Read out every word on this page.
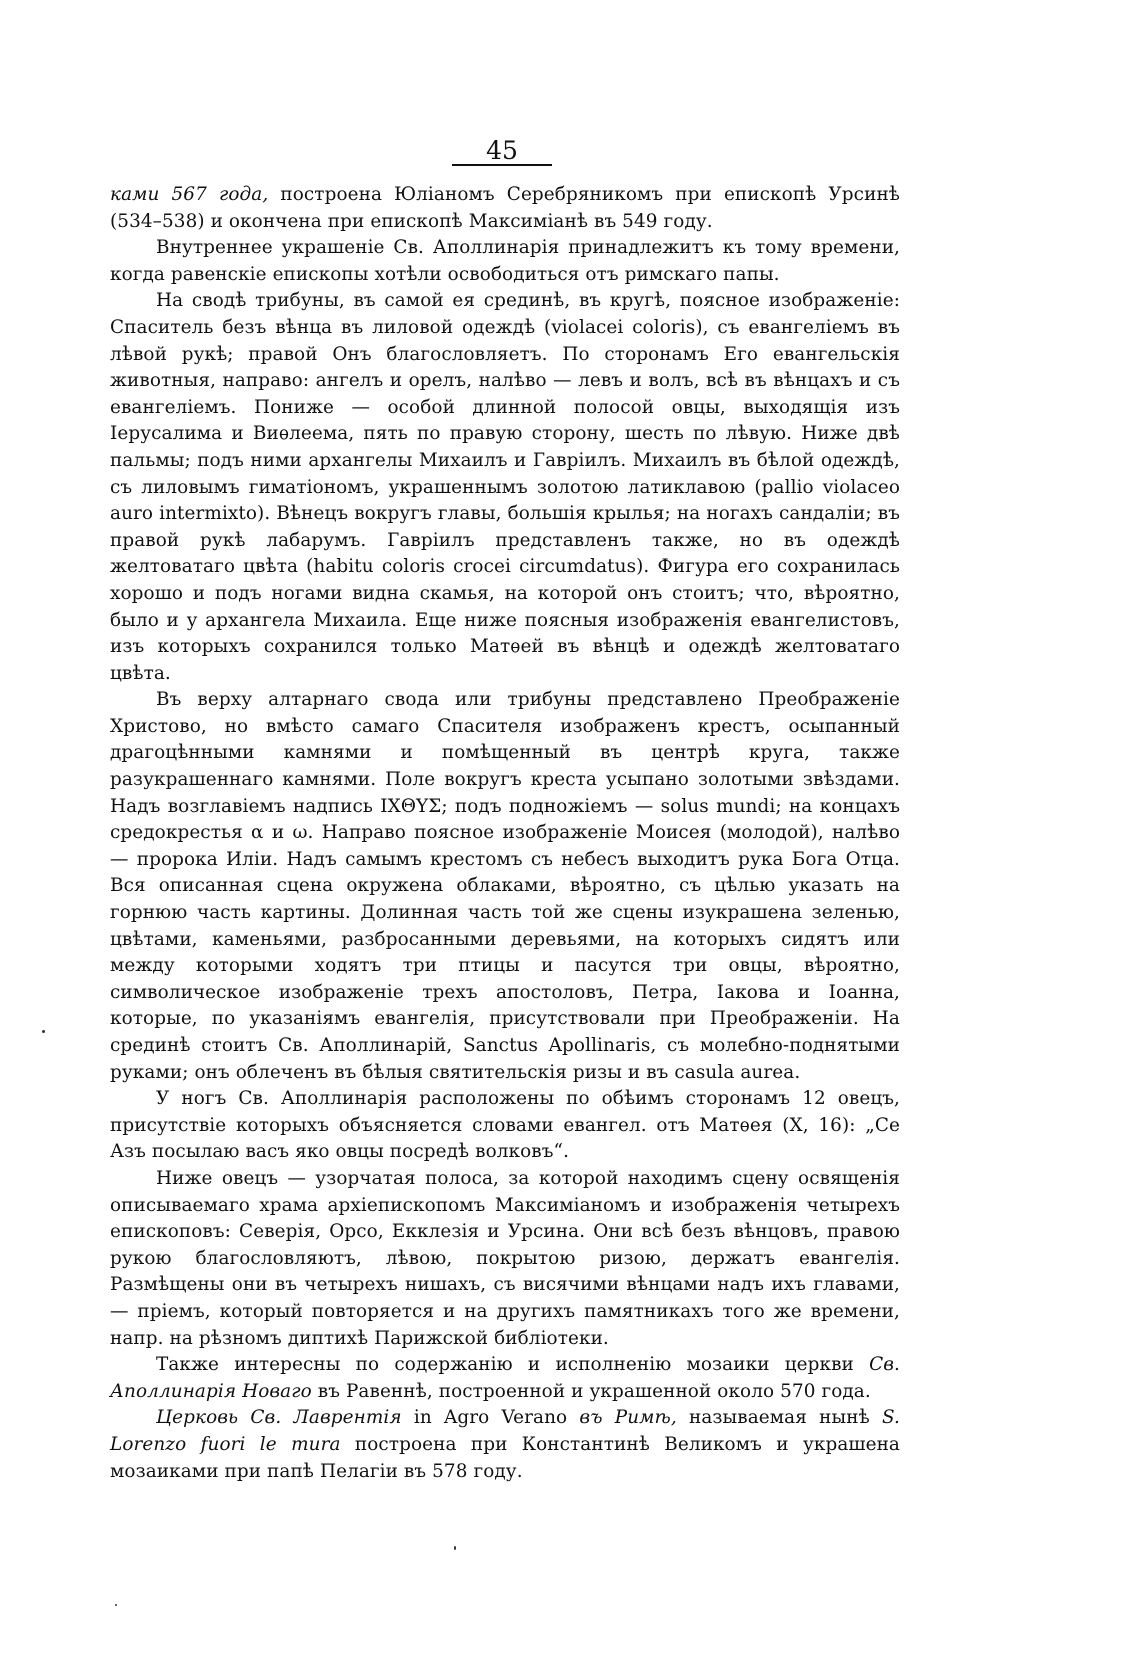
45

ками 567 года, построена Юліаномъ Серебряникомъ при епископѣ Урсинѣ (534–538) и окончена при епископѣ Максиміанѣ въ 549 году.

Внутреннее украшеніе Св. Аполлинарія принадлежитъ къ тому времени, когда равенскіе епископы хотѣли освободиться отъ римскаго папы.

На сводѣ трибуны, въ самой ея срединѣ, въ кругѣ, поясное изображеніе: Спаситель безъ вѣнца въ лиловой одеждѣ (violacei coloris), съ евангеліемъ въ лѣвой рукѣ; правой Онъ благословляетъ. По сторонамъ Его евангельскія животныя, направо: ангелъ и орелъ, налѣво — левъ и волъ, всѣ въ вѣнцахъ и съ евангеліемъ. Пониже — особой длинной полосой овцы, выходящія изъ Іерусалима и Виѳлеема, пять по правую сторону, шесть по лѣвую. Ниже двѣ пальмы; подъ ними архангелы Михаилъ и Гавріилъ. Михаилъ въ бѣлой одеждѣ, съ лиловымъ гиматіономъ, украшеннымъ золотою латиклавою (pallio violaceo auro intermixto). Вѣнецъ вокругъ главы, большія крылья; на ногахъ сандаліи; въ правой рукѣ лабарумъ. Гавріилъ представленъ также, но въ одеждѣ желтоватаго цвѣта (habitu coloris crocei circumdatus). Фигура его сохранилась хорошо и подъ ногами видна скамья, на которой онъ стоитъ; что, вѣроятно, было и у архангела Михаила. Еще ниже поясныя изображенія евангелистовъ, изъ которыхъ сохранился только Матѳей въ вѣнцѣ и одеждѣ желтоватаго цвѣта.

Въ верху алтарнаго свода или трибуны представлено Преображеніе Христово, но вмѣсто самаго Спасителя изображенъ крестъ, осыпанный драгоцѣнными камнями и помѣщенный въ центрѣ круга, также разукрашеннаго камнями. Поле вокругъ креста усыпано золотыми звѣздами. Надъ возглавіемъ надпись ΙΧΘΥΣ; подъ подножіемъ — solus mundi; на концахъ средокрестья α и ω. Направо поясное изображеніе Моисея (молодой), налѣво — пророка Иліи. Надъ самымъ крестомъ съ небесъ выходитъ рука Бога Отца. Вся описанная сцена окружена облаками, вѣроятно, съ цѣлью указать на горнюю часть картины. Долинная часть той же сцены изукрашена зеленью, цвѣтами, каменьями, разбросанными деревьями, на которыхъ сидятъ или между которыми ходятъ три птицы и пасутся три овцы, вѣроятно, символическое изображеніе трехъ апостоловъ, Петра, Іакова и Іоанна, которые, по указаніямъ евангелія, присутствовали при Преображеніи. На срединѣ стоитъ Св. Аполлинарій, Sanctus Apollinaris, съ молебно-поднятыми руками; онъ облеченъ въ бѣлыя святительскія ризы и въ casula aurea.

У ногъ Св. Аполлинарія расположены по обѣимъ сторонамъ 12 овецъ, присутствіе которыхъ объясняется словами евангел. отъ Матѳея (X, 16): „Се Азъ посылаю васъ яко овцы посредѣ волковъ“.

Ниже овецъ — узорчатая полоса, за которой находимъ сцену освященія описываемаго храма архіепископомъ Максиміаномъ и изображенія четырехъ епископовъ: Северія, Орсо, Екклезія и Урсина. Они всѣ безъ вѣнцовъ, правою рукою благословляютъ, лѣвою, покрытою ризою, держатъ евангелія. Размѣщены они въ четырехъ нишахъ, съ висячими вѣнцами надъ ихъ главами, — пріемъ, который повторяется и на другихъ памятникахъ того же времени, напр. на рѣзномъ диптихѣ Парижской библіотеки.

Также интересны по содержанію и исполненію мозаики церкви Св. Аполлинарія Новаго въ Равеннѣ, построенной и украшенной около 570 года.

Церковь Св. Лаврентія in Agro Verano въ Римѣ, называемая нынѣ S. Lorenzo fuori le mura построена при Константинѣ Великомъ и украшена мозаиками при папѣ Пелагіи въ 578 году.
